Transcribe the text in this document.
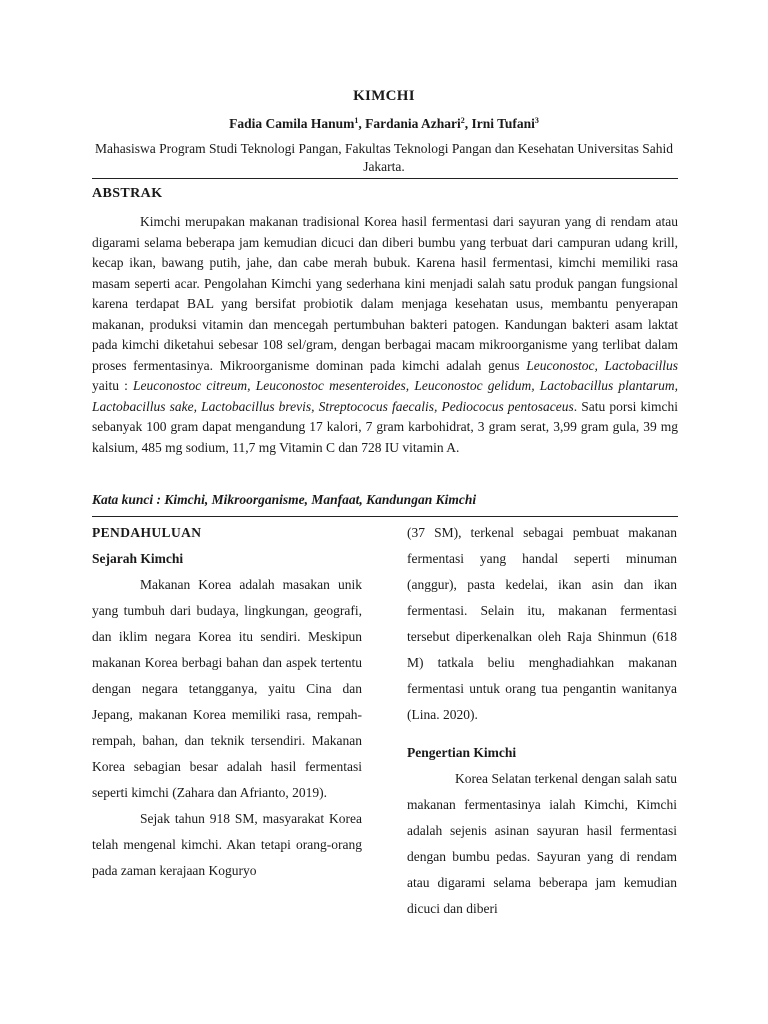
KIMCHI
Fadia Camila Hanum$^1$, Fardania Azhari$^2$, Irni Tufani$^3$
Mahasiswa Program Studi Teknologi Pangan, Fakultas Teknologi Pangan dan Kesehatan Universitas Sahid Jakarta.
ABSTRAK

Kimchi merupakan makanan tradisional Korea hasil fermentasi dari sayuran yang di rendam atau digarami selama beberapa jam kemudian dicuci dan diberi bumbu yang terbuat dari campuran udang krill, kecap ikan, bawang putih, jahe, dan cabe merah bubuk. Karena hasil fermentasi, kimchi memiliki rasa masam seperti acar. Pengolahan Kimchi yang sederhana kini menjadi salah satu produk pangan fungsional karena terdapat BAL yang bersifat probiotik dalam menjaga kesehatan usus, membantu penyerapan makanan, produksi vitamin dan mencegah pertumbuhan bakteri patogen. Kandungan bakteri asam laktat pada kimchi diketahui sebesar 108 sel/gram, dengan berbagai macam mikroorganisme yang terlibat dalam proses fermentasinya. Mikroorganisme dominan pada kimchi adalah genus Leuconostoc, Lactobacillus yaitu : Leuconostoc citreum, Leuconostoc mesenteroides, Leuconostoc gelidum, Lactobacillus plantarum, Lactobacillus sake, Lactobacillus brevis, Streptococus faecalis, Pediococus pentosaceus. Satu porsi kimchi sebanyak 100 gram dapat mengandung 17 kalori, 7 gram karbohidrat, 3 gram serat, 3,99 gram gula, 39 mg kalsium, 485 mg sodium, 11,7 mg Vitamin C dan 728 IU vitamin A.

Kata kunci : Kimchi, Mikroorganisme, Manfaat, Kandungan Kimchi

PENDAHULUAN

Sejarah Kimchi

Makanan Korea adalah masakan unik yang tumbuh dari budaya, lingkungan, geografi, dan iklim negara Korea itu sendiri. Meskipun makanan Korea berbagi bahan dan aspek tertentu dengan negara tetangganya, yaitu Cina dan Jepang, makanan Korea memiliki rasa, rempah-rempah, bahan, dan teknik tersendiri. Makanan Korea sebagian besar adalah hasil fermentasi seperti kimchi (Zahara dan Afrianto, 2019).

Sejak tahun 918 SM, masyarakat Korea telah mengenal kimchi. Akan tetapi orang-orang pada zaman kerajaan Koguryo

(37 SM), terkenal sebagai pembuat makanan fermentasi yang handal seperti minuman (anggur), pasta kedelai, ikan asin dan ikan fermentasi. Selain itu, makanan fermentasi tersebut diperkenalkan oleh Raja Shinmun (618 M) tatkala beliu menghadiahkan makanan fermentasi untuk orang tua pengantin wanitanya (Lina. 2020).

Pengertian Kimchi

Korea Selatan terkenal dengan salah satu makanan fermentasinya ialah Kimchi, Kimchi adalah sejenis asinan sayuran hasil fermentasi dengan bumbu pedas. Sayuran yang di rendam atau digarami selama beberapa jam kemudian dicuci dan diberi
